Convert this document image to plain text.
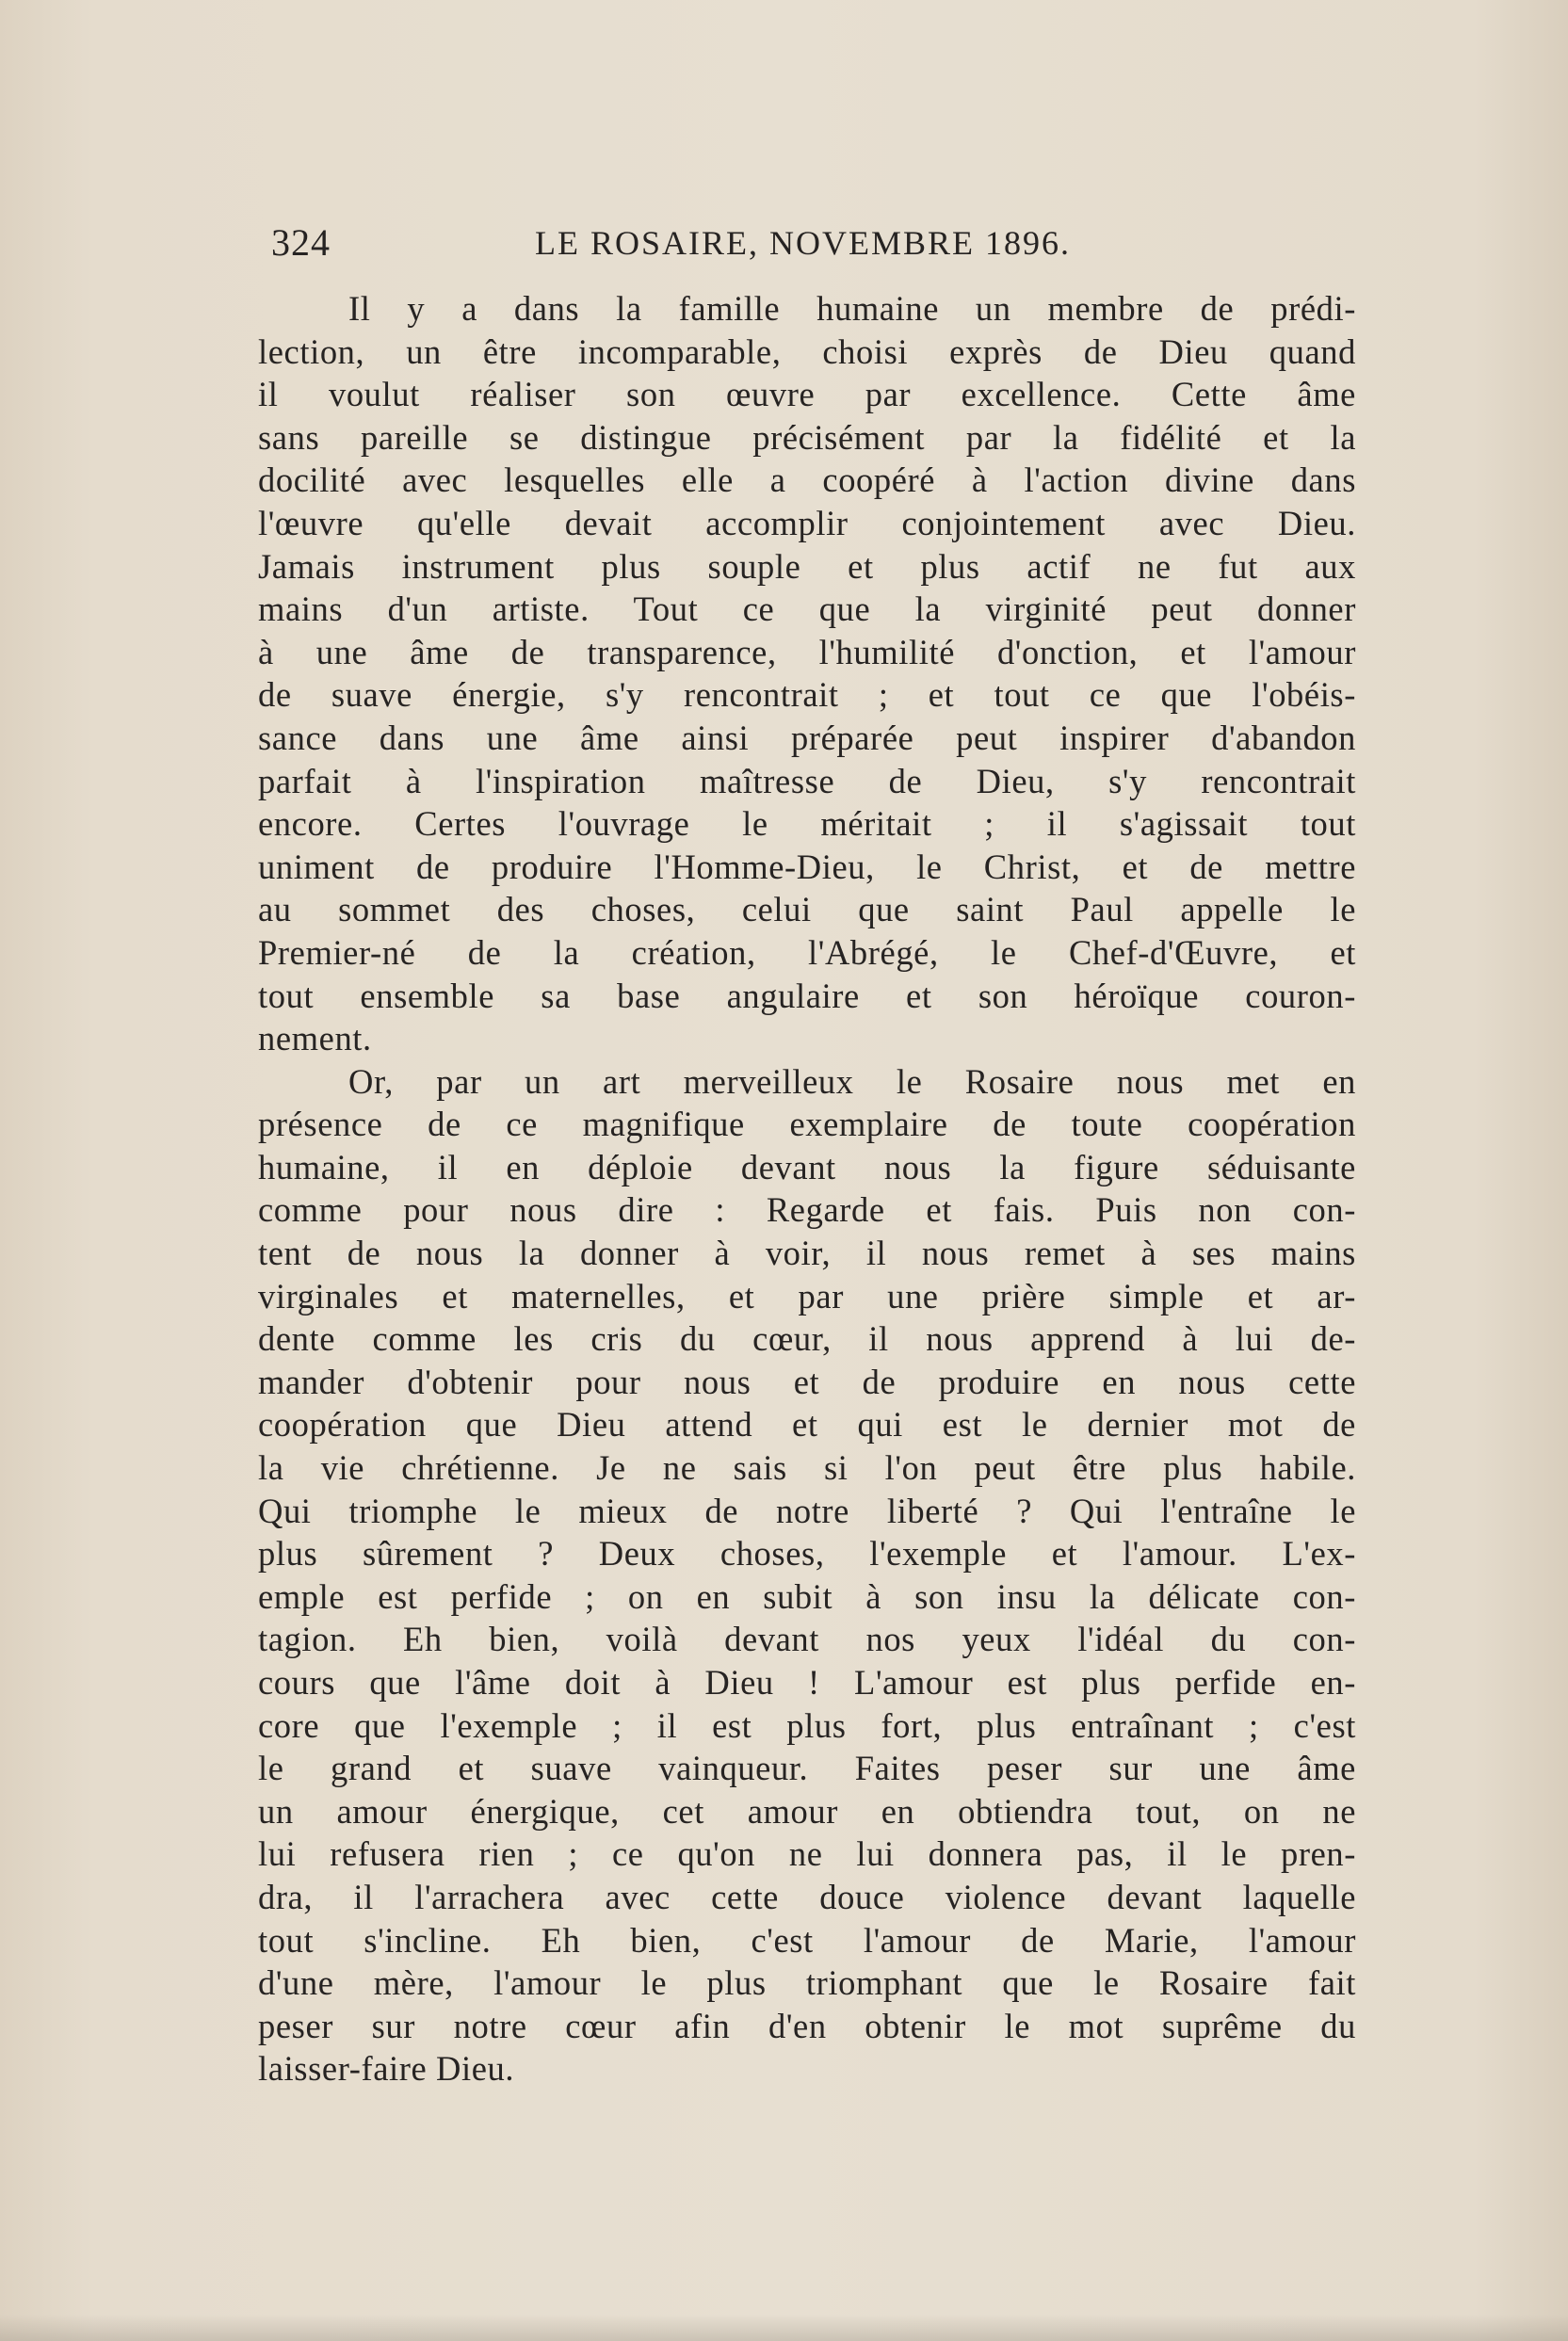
324	LE ROSAIRE, NOVEMBRE 1896.
Il y a dans la famille humaine un membre de prédi-
lection, un être incomparable, choisi exprès de Dieu quand
il voulut réaliser son œuvre par excellence. Cette âme
sans pareille se distingue précisément par la fidélité et la
docilité avec lesquelles elle a coopéré à l'action divine dans
l'œuvre qu'elle devait accomplir conjointement avec Dieu.
Jamais instrument plus souple et plus actif ne fut aux
mains d'un artiste. Tout ce que la virginité peut donner
à une âme de transparence, l'humilité d'onction, et l'amour
de suave énergie, s'y rencontrait ; et tout ce que l'obéis-
sance dans une âme ainsi préparée peut inspirer d'abandon
parfait à l'inspiration maîtresse de Dieu, s'y rencontrait
encore. Certes l'ouvrage le méritait ; il s'agissait tout
uniment de produire l'Homme-Dieu, le Christ, et de mettre
au sommet des choses, celui que saint Paul appelle le
Premier-né de la création, l'Abrégé, le Chef-d'Œuvre, et
tout ensemble sa base angulaire et son héroïque couron-
nement.
Or, par un art merveilleux le Rosaire nous met en
présence de ce magnifique exemplaire de toute coopération
humaine, il en déploie devant nous la figure séduisante
comme pour nous dire : Regarde et fais. Puis non con-
tent de nous la donner à voir, il nous remet à ses mains
virginales et maternelles, et par une prière simple et ar-
dente comme les cris du cœur, il nous apprend à lui de-
mander d'obtenir pour nous et de produire en nous cette
coopération que Dieu attend et qui est le dernier mot de
la vie chrétienne. Je ne sais si l'on peut être plus habile.
Qui triomphe le mieux de notre liberté ? Qui l'entraîne le
plus sûrement ? Deux choses, l'exemple et l'amour. L'ex-
emple est perfide ; on en subit à son insu la délicate con-
tagion. Eh bien, voilà devant nos yeux l'idéal du con-
cours que l'âme doit à Dieu ! L'amour est plus perfide en-
core que l'exemple ; il est plus fort, plus entraînant ; c'est
le grand et suave vainqueur. Faites peser sur une âme
un amour énergique, cet amour en obtiendra tout, on ne
lui refusera rien ; ce qu'on ne lui donnera pas, il le pren-
dra, il l'arrachera avec cette douce violence devant laquelle
tout s'incline. Eh bien, c'est l'amour de Marie, l'amour
d'une mère, l'amour le plus triomphant que le Rosaire fait
peser sur notre cœur afin d'en obtenir le mot suprême du
laisser-faire Dieu.
